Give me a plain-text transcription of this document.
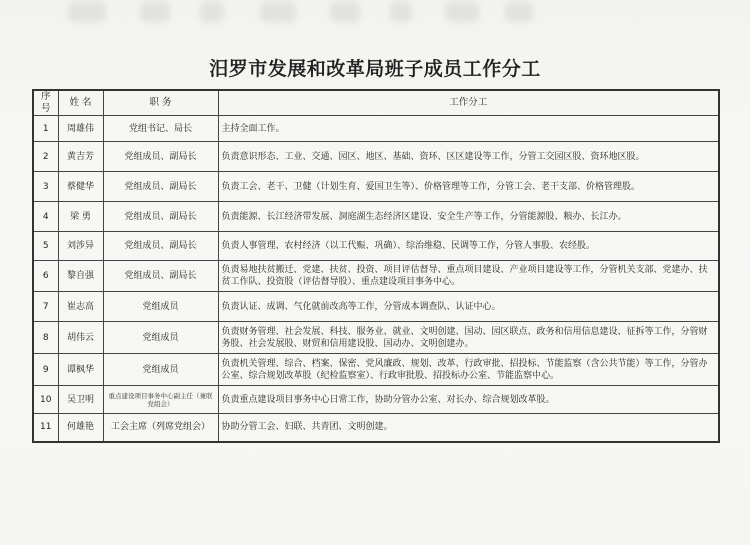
汨罗市发展和改革局班子成员工作分工
序号	姓 名	职 务	工作分工
1	周雄伟	党组书记、局长	主持全面工作。
2	黄吉芳	党组成员、副局长	负责意识形态、工业、交通、园区、地区、基础、资环、区区建设等工作，分管工交园区股、资环地区股。
3	蔡健华	党组成员、副局长	负责工会、老干、卫健（计划生育、爱国卫生等）、价格管理等工作，分管工会、老干支部、价格管理股。
4	梁 勇	党组成员、副局长	负责能源、长江经济带发展、洞庭湖生态经济区建设、安全生产等工作，分管能源股、粮办、长江办。
5	刘涉异	党组成员、副局长	负责人事管理、农村经济（以工代赈、巩确）、综治维稳、民调等工作，分管人事股、农经股。
6	黎自强	党组成员、副局长	负责易地扶贫搬迁、党建、扶贫、投资、项目评估督导、重点项目建设、产业项目建设等工作，分管机关支部、党建办、扶贫工作队、投资股（评估督导股）、重点建设项目事务中心。
7	崔志高	党组成员	负责认证、成调、气化就前改高等工作，分管成本调查队、认证中心。
8	胡伟云	党组成员	负责财务管理、社会发展、科技、服务业、就业、文明创建、国动、园区联点、政务和信用信息建设、征拆等工作，分管财务股、社会发展股、财贸和信用建设股、国动办、文明创建办。
9	谭枫华	党组成员	负责机关管理、综合、档案、保密、党风廉政、规划、改革、行政审批、招投标、节能监察（含公共节能）等工作，分管办公室、综合规划改革股（纪检监察室）、行政审批股、招投标办公室、节能监察中心。
10	吴卫明	重点建设项目事务中心副主任（兼联党组会）	负责重点建设项目事务中心日常工作，协助分管办公室、对长办、综合规划改革股。
11	何雄艳	工会主席（列席党组会）	协助分管工会、妇联、共青团、文明创建。
